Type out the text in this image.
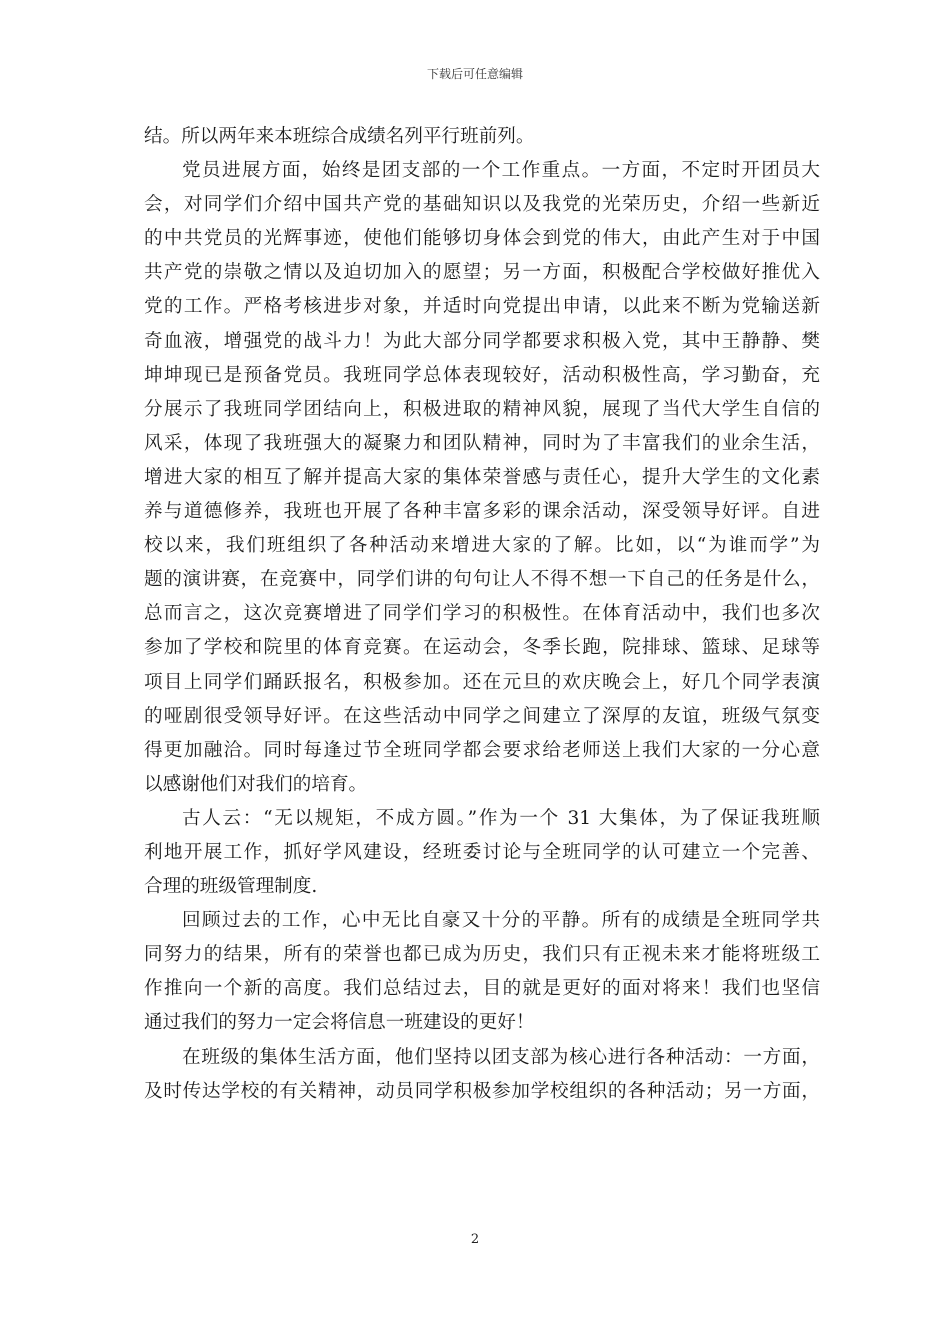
下载后可任意编辑
结。所以两年来本班综合成绩名列平行班前列。
党员进展方面，始终是团支部的一个工作重点。一方面，不定时开团员大
会，对同学们介绍中国共产党的基础知识以及我党的光荣历史，介绍一些新近
的中共党员的光辉事迹，使他们能够切身体会到党的伟大，由此产生对于中国
共产党的崇敬之情以及迫切加入的愿望；另一方面，积极配合学校做好推优入
党的工作。严格考核进步对象，并适时向党提出申请，以此来不断为党输送新
奇血液，增强党的战斗力！为此大部分同学都要求积极入党，其中王静静、樊
坤坤现已是预备党员。我班同学总体表现较好，活动积极性高，学习勤奋，充
分展示了我班同学团结向上，积极进取的精神风貌，展现了当代大学生自信的
风采，体现了我班强大的凝聚力和团队精神，同时为了丰富我们的业余生活，
增进大家的相互了解并提高大家的集体荣誉感与责任心，提升大学生的文化素
养与道德修养，我班也开展了各种丰富多彩的课余活动，深受领导好评。自进
校以来，我们班组织了各种活动来增进大家的了解。比如，以“为谁而学”为
题的演讲赛，在竞赛中，同学们讲的句句让人不得不想一下自己的任务是什么，
总而言之，这次竞赛增进了同学们学习的积极性。在体育活动中，我们也多次
参加了学校和院里的体育竞赛。在运动会，冬季长跑，院排球、篮球、足球等
项目上同学们踊跃报名，积极参加。还在元旦的欢庆晚会上，好几个同学表演
的哑剧很受领导好评。在这些活动中同学之间建立了深厚的友谊，班级气氛变
得更加融洽。同时每逢过节全班同学都会要求给老师送上我们大家的一分心意
以感谢他们对我们的培育。
古人云：“无以规矩，不成方圆。”作为一个 31 大集体，为了保证我班顺
利地开展工作，抓好学风建设，经班委讨论与全班同学的认可建立一个完善、
合理的班级管理制度.
回顾过去的工作，心中无比自豪又十分的平静。所有的成绩是全班同学共
同努力的结果，所有的荣誉也都已成为历史，我们只有正视未来才能将班级工
作推向一个新的高度。我们总结过去，目的就是更好的面对将来！我们也坚信
通过我们的努力一定会将信息一班建设的更好！
在班级的集体生活方面，他们坚持以团支部为核心进行各种活动：一方面，
及时传达学校的有关精神，动员同学积极参加学校组织的各种活动；另一方面，
2
